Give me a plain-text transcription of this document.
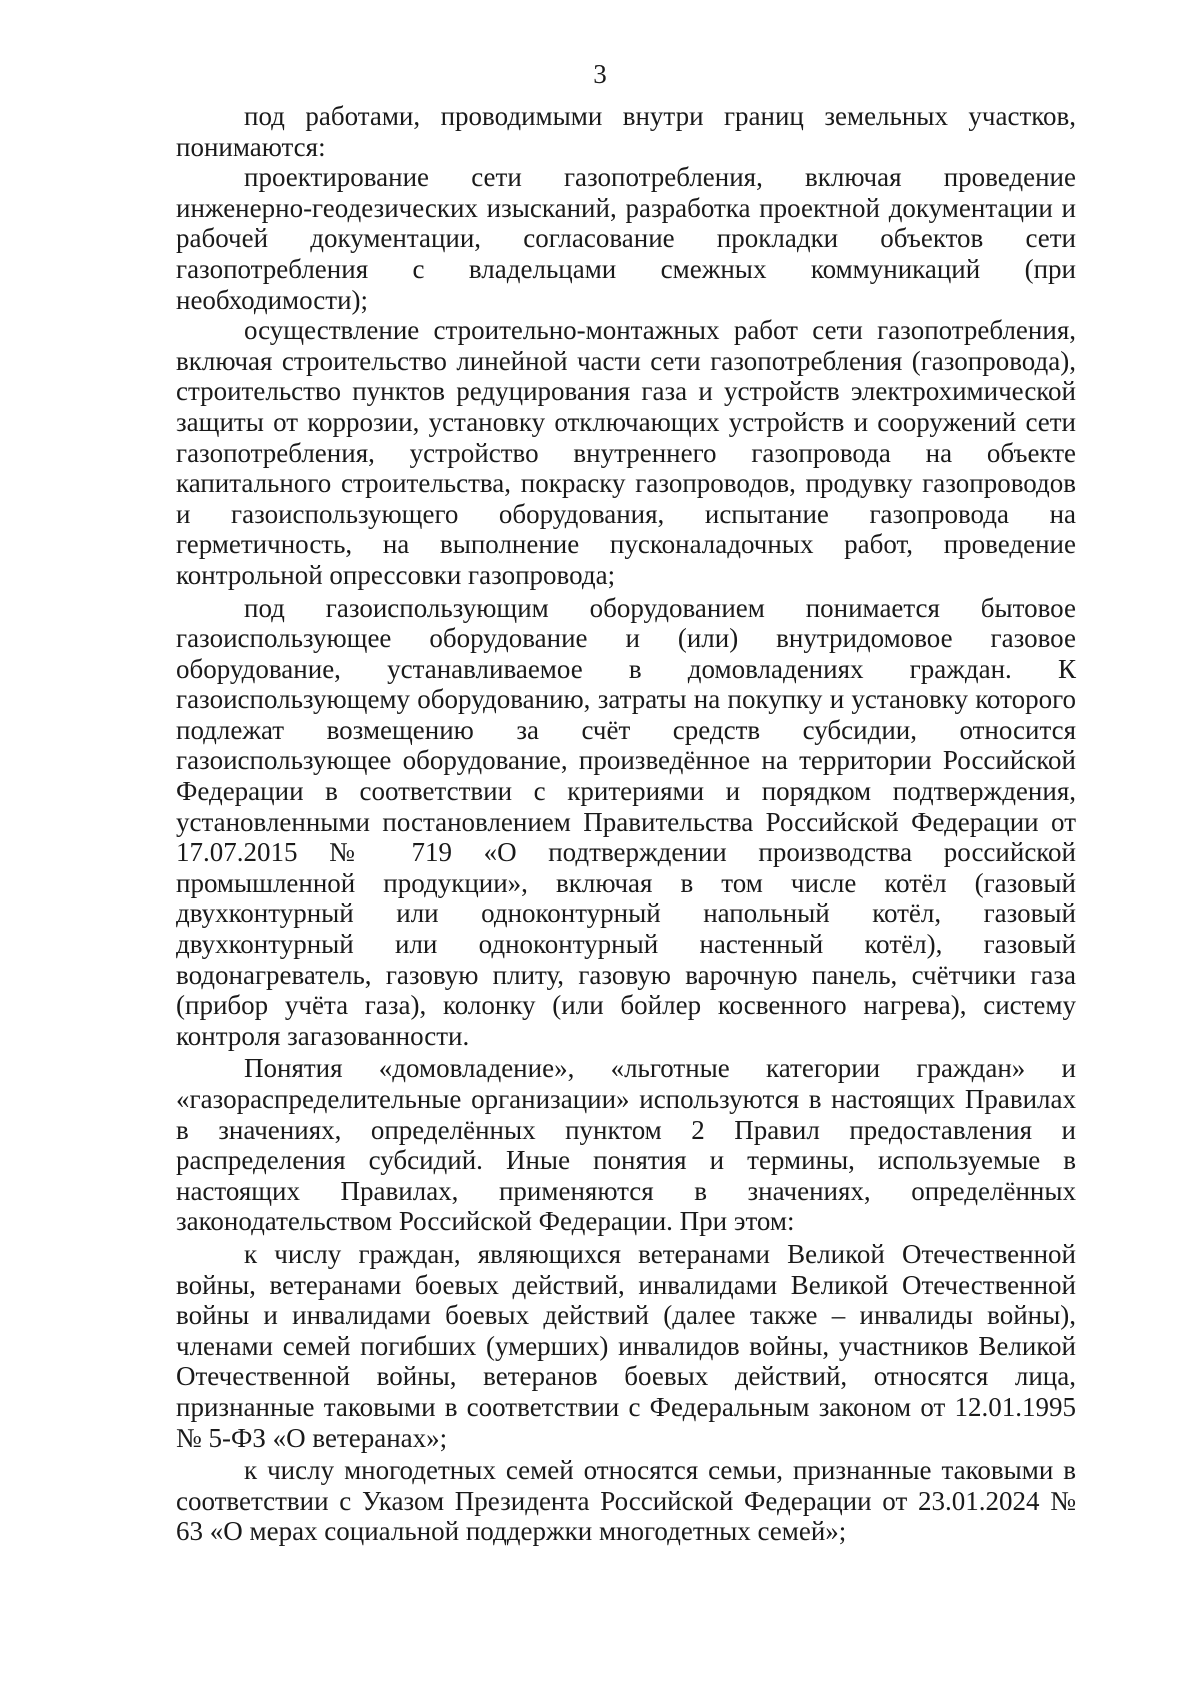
3

под работами, проводимыми внутри границ земельных участков, понимаются:

проектирование сети газопотребления, включая проведение инженерно-геодезических изысканий, разработка проектной документации и рабочей документации, согласование прокладки объектов сети газопотребления с владельцами смежных коммуникаций (при необходимости);

осуществление строительно-монтажных работ сети газопотребления, включая строительство линейной части сети газопотребления (газопровода), строительство пунктов редуцирования газа и устройств электрохимической защиты от коррозии, установку отключающих устройств и сооружений сети газопотребления, устройство внутреннего газопровода на объекте капитального строительства, покраску газопроводов, продувку газопроводов и газоиспользующего оборудования, испытание газопровода на герметичность, на выполнение пусконаладочных работ, проведение контрольной опрессовки газопровода;

под газоиспользующим оборудованием понимается бытовое газоиспользующее оборудование и (или) внутридомовое газовое оборудование, устанавливаемое в домовладениях граждан. К газоиспользующему оборудованию, затраты на покупку и установку которого подлежат возмещению за счёт средств субсидии, относится газоиспользующее оборудование, произведённое на территории Российской Федерации в соответствии с критериями и порядком подтверждения, установленными постановлением Правительства Российской Федерации от 17.07.2015 № 719 «О подтверждении производства российской промышленной продукции», включая в том числе котёл (газовый двухконтурный или одноконтурный напольный котёл, газовый двухконтурный или одноконтурный настенный котёл), газовый водонагреватель, газовую плиту, газовую варочную панель, счётчики газа (прибор учёта газа), колонку (или бойлер косвенного нагрева), систему контроля загазованности.

Понятия «домовладение», «льготные категории граждан» и «газораспределительные организации» используются в настоящих Правилах в значениях, определённых пунктом 2 Правил предоставления и распределения субсидий. Иные понятия и термины, используемые в настоящих Правилах, применяются в значениях, определённых законодательством Российской Федерации. При этом:

к числу граждан, являющихся ветеранами Великой Отечественной войны, ветеранами боевых действий, инвалидами Великой Отечественной войны и инвалидами боевых действий (далее также – инвалиды войны), членами семей погибших (умерших) инвалидов войны, участников Великой Отечественной войны, ветеранов боевых действий, относятся лица, признанные таковыми в соответствии с Федеральным законом от 12.01.1995 № 5-ФЗ «О ветеранах»;

к числу многодетных семей относятся семьи, признанные таковыми в соответствии с Указом Президента Российской Федерации от 23.01.2024 № 63 «О мерах социальной поддержки многодетных семей»;
